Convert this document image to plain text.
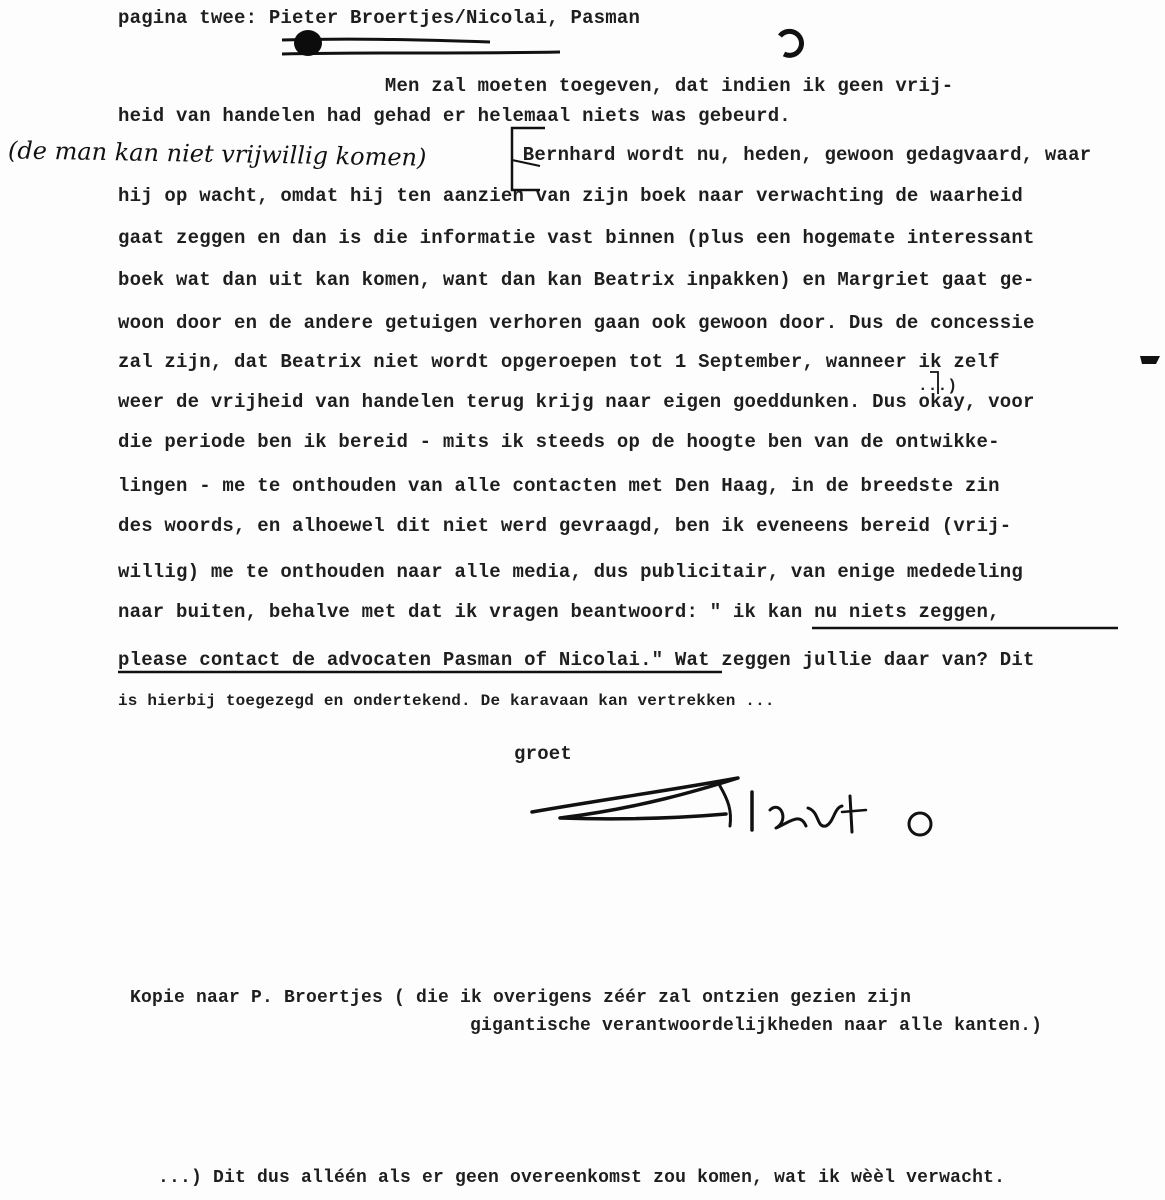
pagina twee: Pieter Broertjes/Nicolai, Pasman
(de man kan niet vrijwillig komen)
Men zal moeten toegeven, dat indien ik geen vrij-
heid van handelen had gehad er helemaal niets was gebeurd.
Bernhard wordt nu, heden, gewoon gedagvaard, waar
hij op wacht, omdat hij ten aanzien van zijn boek naar verwachting de waarheid
gaat zeggen en dan is die informatie vast binnen (plus een hogemate interessant
boek wat dan uit kan komen, want dan kan Beatrix inpakken) en Margriet gaat ge-
woon door en de andere getuigen verhoren gaan ook gewoon door. Dus de concessie
zal zijn, dat Beatrix niet wordt opgeroepen tot 1 September, wanneer ik zelf
...)
weer de vrijheid van handelen terug krijg naar eigen goeddunken. Dus okay, voor
die periode ben ik bereid - mits ik steeds op de hoogte ben van de ontwikke-
lingen - me te onthouden van alle contacten met Den Haag, in de breedste zin
des woords, en alhoewel dit niet werd gevraagd, ben ik eveneens bereid (vrij-
willig) me te onthouden naar alle media, dus publicitair, van enige mededeling
naar buiten, behalve met dat ik vragen beantwoord: " ik kan nu niets zeggen,
please contact de advocaten Pasman of Nicolai." Wat zeggen jullie daar van? Dit
is hierbij toegezegd en ondertekend. De karavaan kan vertrekken ...
groet
Kopie naar P. Broertjes ( die ik overigens zéér zal ontzien gezien zijn
gigantische verantwoordelijkheden naar alle kanten.)
...) Dit dus alléén als er geen overeenkomst zou komen, wat ik wèèl verwacht.
